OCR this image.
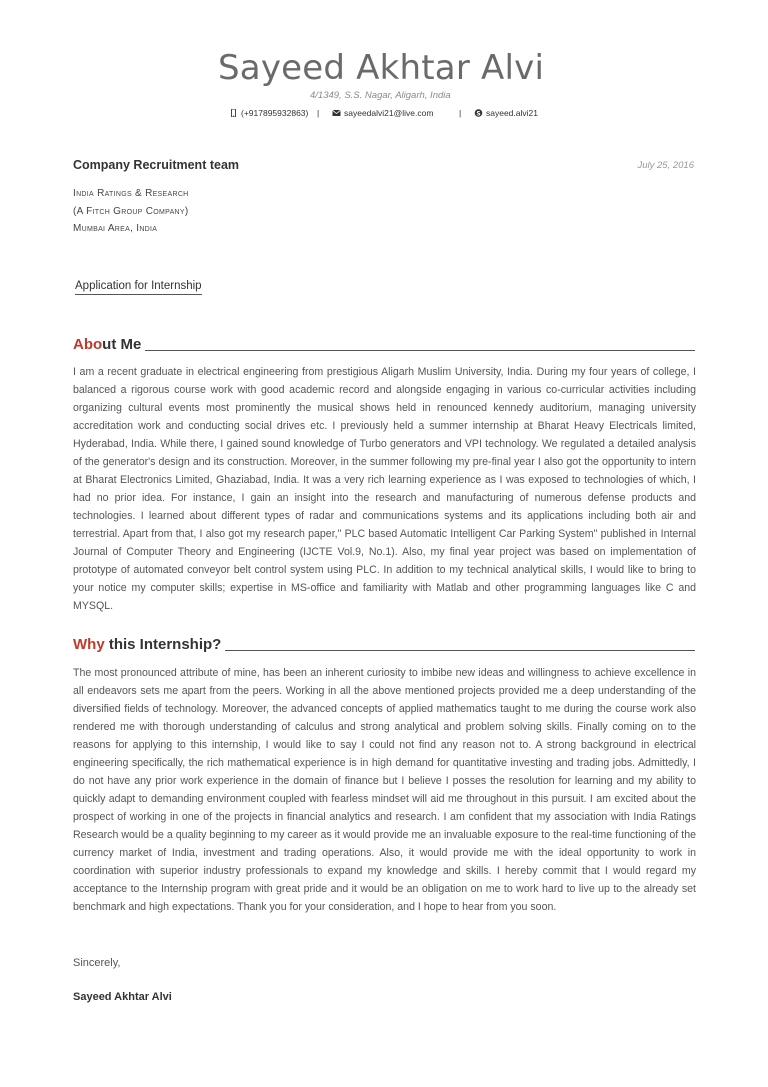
Sayeed Akhtar Alvi
4/1349, S.S. Nagar, Aligarh, India
(+917895932863) |	sayeedalvi21@live.com	|	S sayeed.alvi21
Company Recruitment team	July 25, 2016
India Ratings & Research
(A Fitch Group Company)
Mumbai Area, India
Application for Internship
About Me

I am a recent graduate in electrical engineering from prestigious Aligarh Muslim University, India. During my four years of college, I balanced a rigorous course work with good academic record and alongside engaging in various co-curricular activities including organizing cultural events most prominently the musical shows held in renounced kennedy auditorium, managing university accreditation work and conducting social drives etc. I previously held a summer internship at Bharat Heavy Electricals limited, Hyderabad, India. While there, I gained sound knowledge of Turbo generators and VPI technology. We regulated a detailed analysis of the generator's design and its construction. Moreover, in the summer following my pre-final year I also got the opportunity to intern at Bharat Electronics Limited, Ghaziabad, India. It was a very rich learning experience as I was exposed to technologies of which, I had no prior idea. For instance, I gain an insight into the research and manufacturing of numerous defense products and technologies. I learned about different types of radar and communications systems and its applications including both air and terrestrial. Apart from that, I also got my research paper," PLC based Automatic Intelligent Car Parking System" published in Internal Journal of Computer Theory and Engineering (IJCTE Vol.9, No.1). Also, my final year project was based on implementation of prototype of automated conveyor belt control system using PLC. In addition to my technical analytical skills, I would like to bring to your notice my computer skills; expertise in MS-office and familiarity with Matlab and other programming languages like C and MYSQL.

Why this Internship?

The most pronounced attribute of mine, has been an inherent curiosity to imbibe new ideas and willingness to achieve excellence in all endeavors sets me apart from the peers. Working in all the above mentioned projects provided me a deep understanding of the diversified fields of technology. Moreover, the advanced concepts of applied mathematics taught to me during the course work also rendered me with thorough understanding of calculus and strong analytical and problem solving skills. Finally coming on to the reasons for applying to this internship, I would like to say I could not find any reason not to. A strong background in electrical engineering specifically, the rich mathematical experience is in high demand for quantitative investing and trading jobs. Admittedly, I do not have any prior work experience in the domain of finance but I believe I posses the resolution for learning and my ability to quickly adapt to demanding environment coupled with fearless mindset will aid me throughout in this pursuit. I am excited about the prospect of working in one of the projects in financial analytics and research. I am confident that my association with India Ratings Research would be a quality beginning to my career as it would provide me an invaluable exposure to the real-time functioning of the currency market of India, investment and trading operations. Also, it would provide me with the ideal opportunity to work in coordination with superior industry professionals to expand my knowledge and skills. I hereby commit that I would regard my acceptance to the Internship program with great pride and it would be an obligation on me to work hard to live up to the already set benchmark and high expectations. Thank you for your consideration, and I hope to hear from you soon.

Sincerely,
Sayeed Akhtar Alvi
